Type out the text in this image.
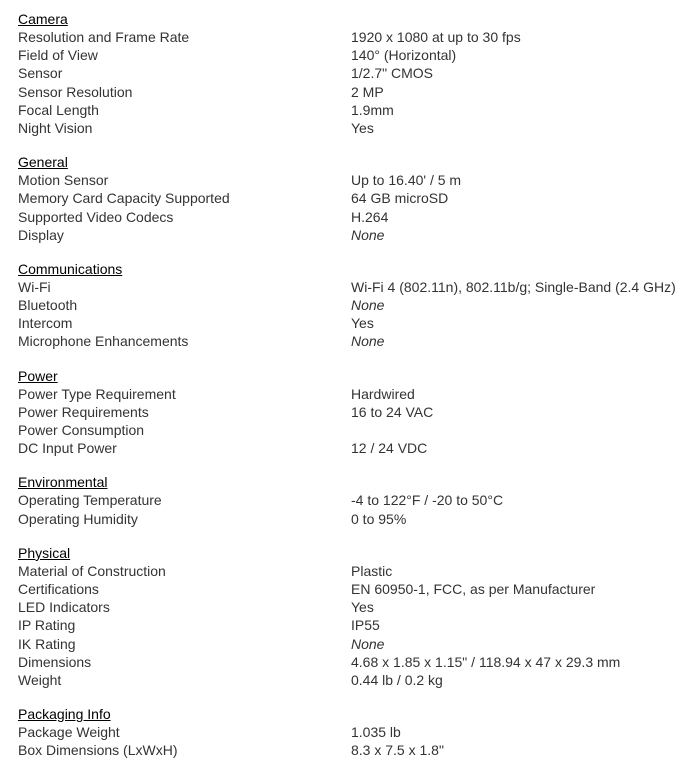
Camera
Resolution and Frame Rate	1920 x 1080 at up to 30 fps
Field of View	140° (Horizontal)
Sensor	1/2.7" CMOS
Sensor Resolution	2 MP
Focal Length	1.9mm
Night Vision	Yes
General
Motion Sensor	Up to 16.40' / 5 m
Memory Card Capacity Supported	64 GB microSD
Supported Video Codecs	H.264
Display	None
Communications
Wi-Fi	Wi-Fi 4 (802.11n), 802.11b/g; Single-Band (2.4 GHz)
Bluetooth	None
Intercom	Yes
Microphone Enhancements	None
Power
Power Type Requirement	Hardwired
Power Requirements	16 to 24 VAC
Power Consumption
DC Input Power	12 / 24 VDC
Environmental
Operating Temperature	-4 to 122°F / -20 to 50°C
Operating Humidity	0 to 95%
Physical
Material of Construction	Plastic
Certifications	EN 60950-1, FCC, as per Manufacturer
LED Indicators	Yes
IP Rating	IP55
IK Rating	None
Dimensions	4.68 x 1.85 x 1.15" / 118.94 x 47 x 29.3 mm
Weight	0.44 lb / 0.2 kg
Packaging Info
Package Weight	1.035 lb
Box Dimensions (LxWxH)	8.3 x 7.5 x 1.8"
